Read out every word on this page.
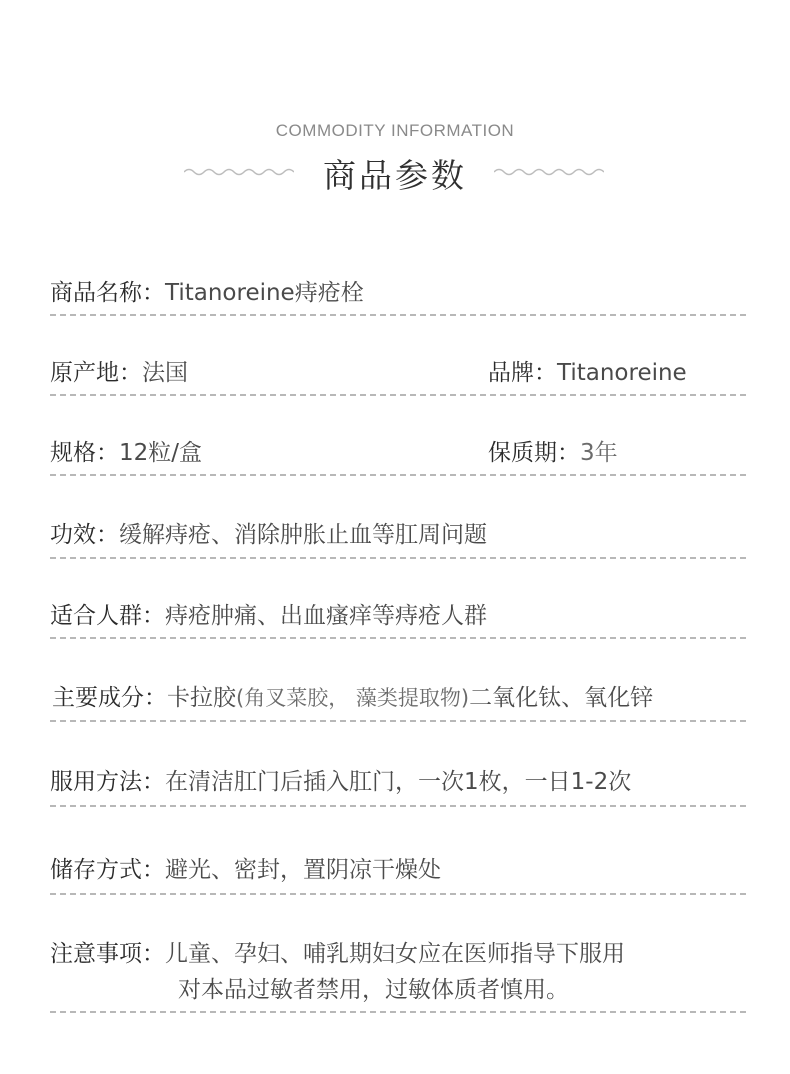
COMMODITY INFORMATION
商品参数
商品名称：Titanoreine痔疮栓
原产地：法国	品牌：Titanoreine
规格：12粒/盒	保质期：3年
功效：缓解痔疮、消除肿胀止血等肛周问题
适合人群：痔疮肿痛、出血瘙痒等痔疮人群
主要成分：卡拉胶(角叉菜胶， 藻类提取物)二氧化钛、氧化锌
服用方法：在清洁肛门后插入肛门，一次1枚，一日1-2次
储存方式：避光、密封，置阴凉干燥处
注意事项：儿童、孕妇、哺乳期妇女应在医师指导下服用
对本品过敏者禁用，过敏体质者慎用。
